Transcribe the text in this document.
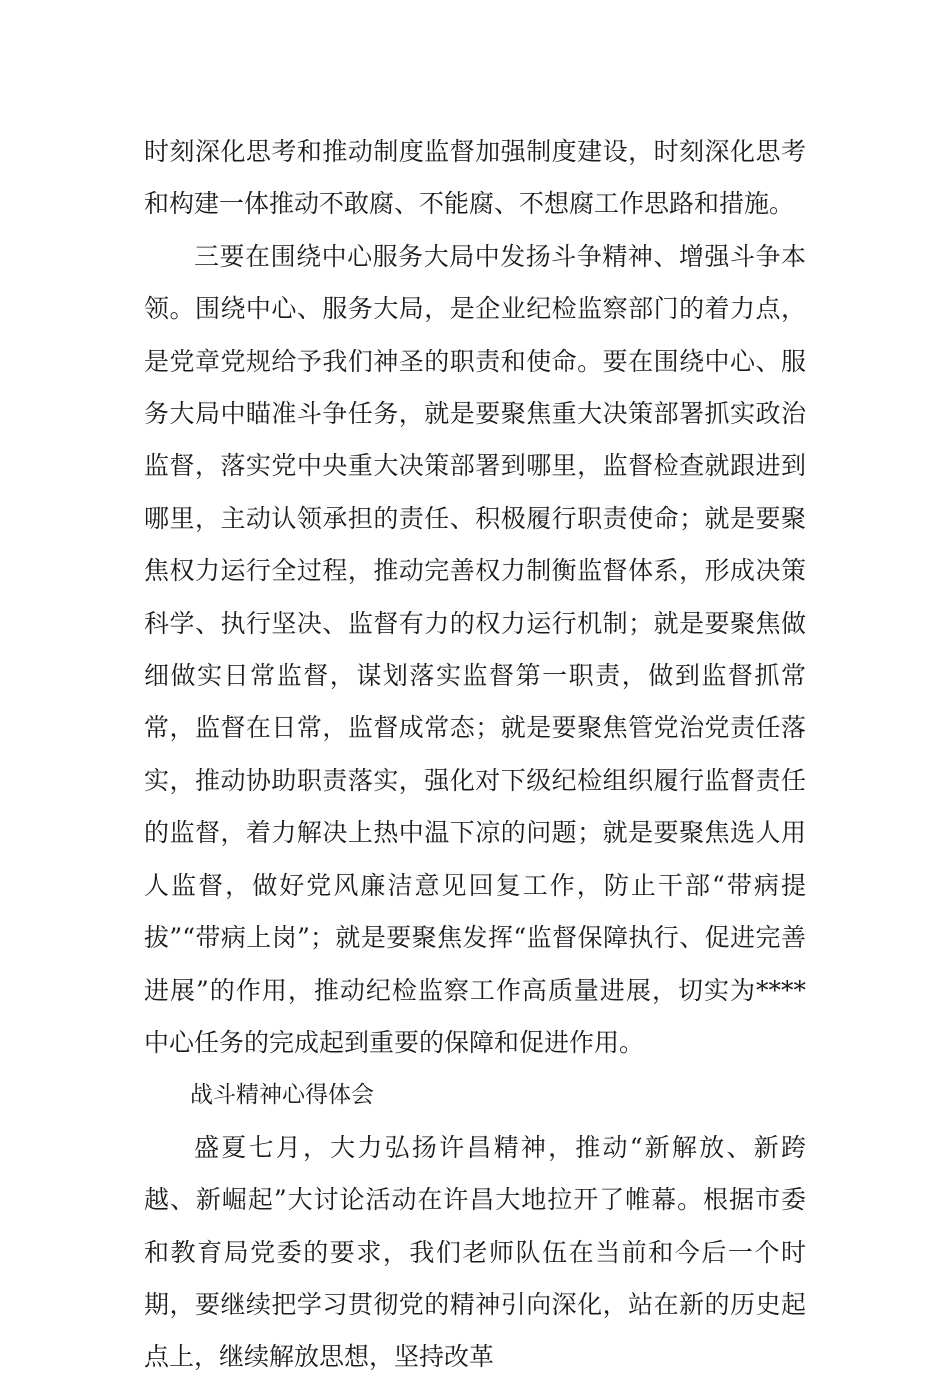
时刻深化思考和推动制度监督加强制度建设，时刻深化思考和构建一体推动不敢腐、不能腐、不想腐工作思路和措施。

三要在围绕中心服务大局中发扬斗争精神、增强斗争本领。围绕中心、服务大局，是企业纪检监察部门的着力点，是党章党规给予我们神圣的职责和使命。要在围绕中心、服务大局中瞄准斗争任务，就是要聚焦重大决策部署抓实政治监督，落实党中央重大决策部署到哪里，监督检查就跟进到哪里，主动认领承担的责任、积极履行职责使命；就是要聚焦权力运行全过程，推动完善权力制衡监督体系，形成决策科学、执行坚决、监督有力的权力运行机制；就是要聚焦做细做实日常监督，谋划落实监督第一职责，做到监督抓常常，监督在日常，监督成常态；就是要聚焦管党治党责任落实，推动协助职责落实，强化对下级纪检组织履行监督责任的监督，着力解决上热中温下凉的问题；就是要聚焦选人用人监督，做好党风廉洁意见回复工作，防止干部“带病提拔”“带病上岗”；就是要聚焦发挥“监督保障执行、促进完善进展”的作用，推动纪检监察工作高质量进展，切实为****中心任务的完成起到重要的保障和促进作用。

战斗精神心得体会

盛夏七月，大力弘扬许昌精神，推动“新解放、新跨越、新崛起”大讨论活动在许昌大地拉开了帷幕。根据市委和教育局党委的要求，我们老师队伍在当前和今后一个时期，要继续把学习贯彻党的精神引向深化，站在新的历史起点上，继续解放思想，坚持改革
